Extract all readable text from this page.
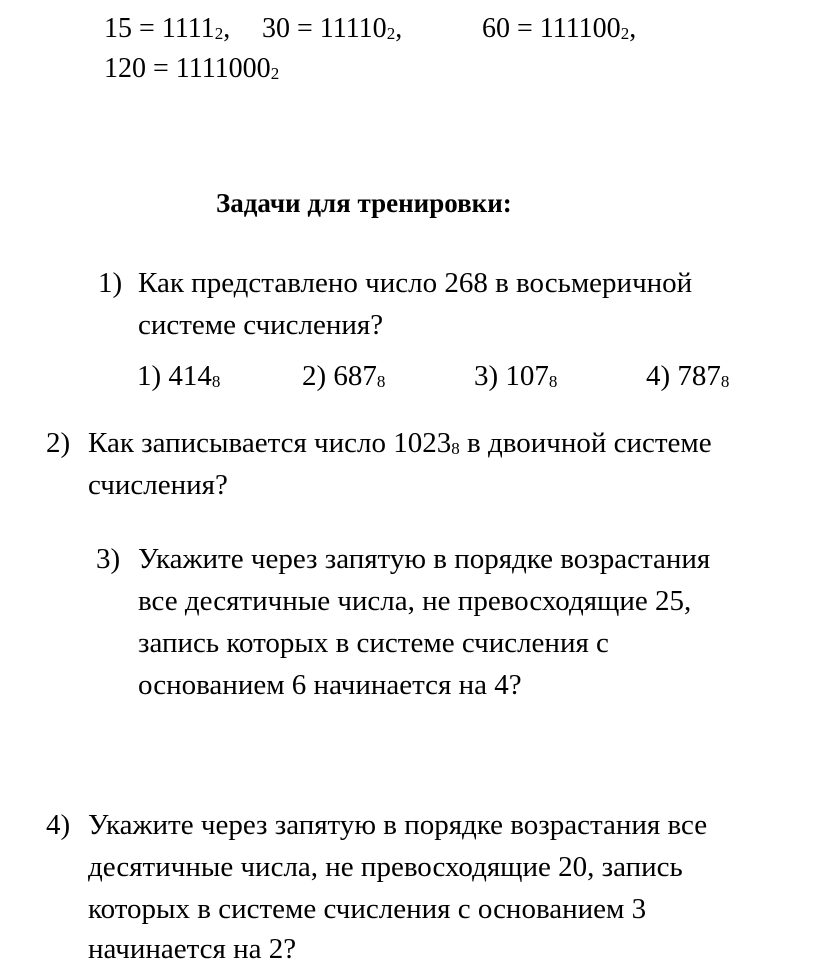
$15 = 1111_2$, $30 = 11110_2$,	$60 = 111100_2$,
$120 = 1111000_2$
Задачи для тренировки:
1) Как представлено число 268 в восьмеричной
системе счисления?
1) $414_8$	2) $687_8$	3) $107_8$	4) $787_8$
2) Как записывается число $1023_8$ в двоичной системе
счисления?
3) Укажите через запятую в порядке возрастания
все десятичные числа, не превосходящие 25,
запись которых в системе счисления с
основанием 6 начинается на 4?
4) Укажите через запятую в порядке возрастания все
десятичные числа, не превосходящие 20, запись
которых в системе счисления с основанием 3
начинается на 2?
